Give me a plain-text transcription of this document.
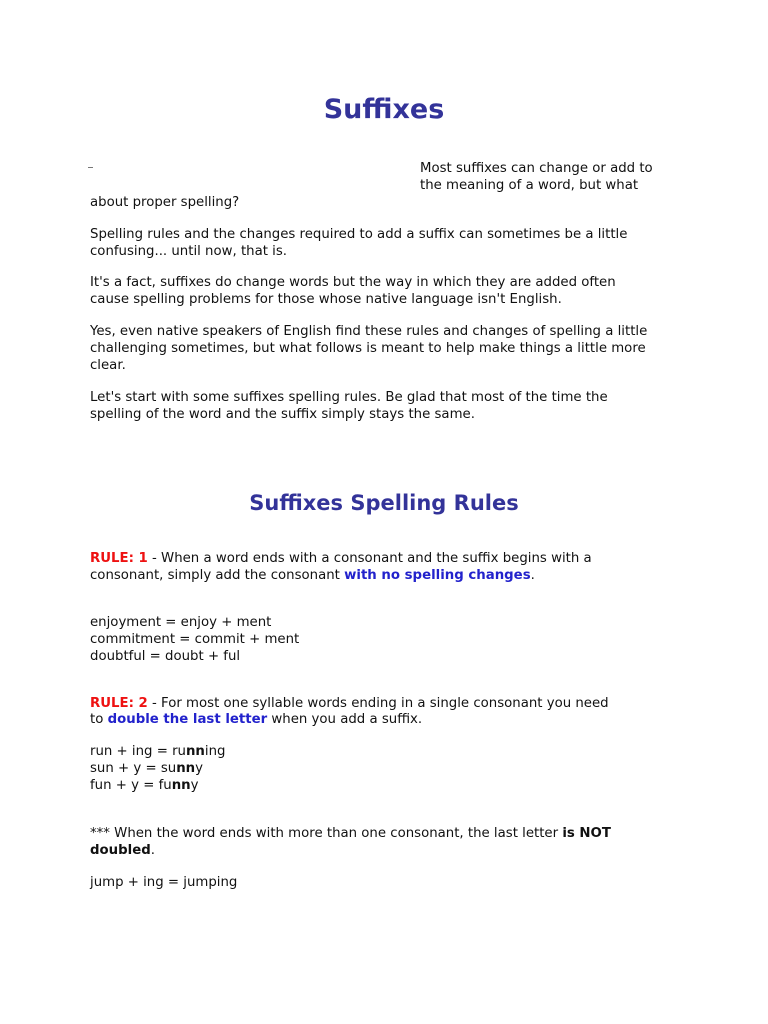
Suffixes
Most suffixes can change or add to
the meaning of a word, but what
about proper spelling?
Spelling rules and the changes required to add a suffix can sometimes be a little
confusing... until now, that is.
It's a fact, suffixes do change words but the way in which they are added often
cause spelling problems for those whose native language isn't English.
Yes, even native speakers of English find these rules and changes of spelling a little
challenging sometimes, but what follows is meant to help make things a little more
clear.
Let's start with some suffixes spelling rules. Be glad that most of the time the
spelling of the word and the suffix simply stays the same.
Suffixes Spelling Rules
RULE: 1 - When a word ends with a consonant and the suffix begins with a
consonant, simply add the consonant with no spelling changes.
enjoyment = enjoy + ment
commitment = commit + ment
doubtful = doubt + ful
RULE: 2 - For most one syllable words ending in a single consonant you need
to double the last letter when you add a suffix.
run + ing = running
sun + y = sunny
fun + y = funny
*** When the word ends with more than one consonant, the last letter is NOT
doubled.
jump + ing = jumping
